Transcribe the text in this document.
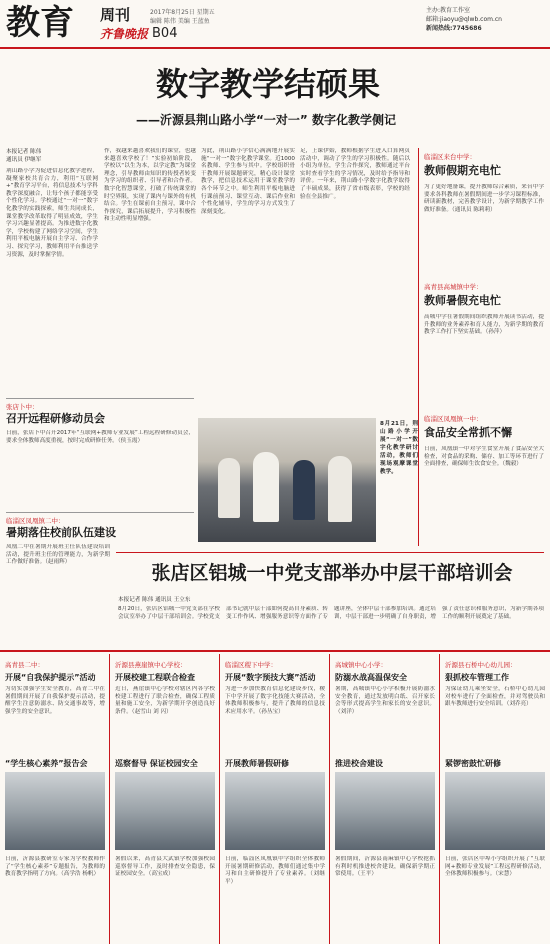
教育 周刊
齐鲁晚报 B04
2017年8月25日 星期五
编辑 陈伟 美编 王蓝鱼
主办:教育工作室
邮箱:jiaoyu@qlwb.com.cn
新闻热线:7745686
数字教学结硕果
——沂源县荆山路小学“一对一” 数字化教学侧记
本报记者 陈伟
通讯员 伊继军
荆山路小学为促进信息化教学进程，凝聚家校共育合力，利用“互联网+”教育学习平台，将信息技术与学科教学深度融合，让每个孩子都能享受个性化学习。学校通过“一对一”数字化教学的实践探索，师生共同成长，课堂教学改革取得了明显成效，学生学习兴趣显著提高。为推进数字化教学，学校构建了网络学习空间，学生利用平板电脑开展自主学习、合作学习、探究学习，教师利用平台推送学习资源，及时掌握学情。
作，我越来越喜欢我们的课堂，也越来越喜欢学校了！”实验初始阶段，学校以“以生为本，以学定教”为课堂理念，引导教师由知识的传授者转变为学习的组织者、引导者和合作者。数字化智慧课堂，打破了传统课堂的时空界限，实现了课内与课外的有机结合。学生在课前自主预习，课中合作探究，课后拓展提升，学习积极性和主动性明显增强。
为此，荆山路小学信心满满地开展实施“一对一”数字化教学课堂。近1000名教师、学生参与其中。学校组织骨干教师开展课题研究，精心设计课堂教学，把信息技术运用于课堂教学的各个环节之中。师生利用平板电脑进行课前预习、课堂互动、课后作业和个性化辅导，学生的学习方式发生了深刻变化。
足，上课伊始，教师根据学生进入口算网页活动中，调动了学生的学习积极性。随后以小组为单位，学生合作探究，教师通过平台实时查看学生的学习情况，及时给予指导和评价。一年来，荆山路小学数字化教学取得了丰硕成果，获得了省市级表彰，学校的经验在全县推广。
8月21日，荆山路小学开展“一对一”数字化教学研讨活动，教师们现场观摩课堂教学。
张店卜中：
召开远程研修动员会
日前，张店卜中召开2017年“互联网+教师专业发展”工程远程研修动员会，要求全体教师高度重视，按时完成研修任务。（侯玉霞）
临淄区凤凰镇二中：
暑期落住校前队伍建设
凤凰二中在暑期开展班主任队伍建设培训活动，提升班主任的管理能力，为新学期工作做好准备。（赵雨辉）
临淄区来台中学：
教师假期充电忙
为了更好地备课，提升教师综合素质，来台中学要求各科教师在暑假期间进一步学习课程标准，研读新教材，完善教学设计，为新学期教学工作做好准备。（通讯员 陈莉莉）
高青县高城镇中学：
教师暑假充电忙
高城中学在暑假期间组织教师开展读书活动，提升教师的业务素养和育人能力，为新学期的教育教学工作打下坚实基础。（孙萍）
临淄区凤凰镇一中：
食品安全常抓不懈
日前，凤凰镇一中对学生食堂开展了食品安全大检查，对食品的采购、储存、加工等环节进行了全面排查，确保师生饮食安全。（魏毅）
张店区铝城一中党支部举办中层干部培训会
本报记者 陈伟 通讯员 王立东
8月20日，张店区铝城一中党支部在学校会议室举办了中层干部培训会。学校党支部书记就中层干部如何提高自身素质、转变工作作风、增强服务意识等方面作了专题讲座，全体中层干部参加培训。通过培训，中层干部进一步明确了自身职责，增强了责任意识和服务意识，为新学期各项工作的顺利开展奠定了基础。
高青县二中：
开展“自我保护提示”活动
为切实加强学生安全教育，高青二中在暑假期间开展了自我保护提示活动，提醒学生注意防溺水、防交通事故等，增强学生的安全意识。
“学生核心素养”报告会
日前，沂源县教研室专家为学校教师作了“学生核心素养”专题报告，为教师的教育教学指明了方向。（高学浩 杨帆）
沂源县燕崖镇中心学校：
开展校建工程联合检查
近日，燕崖镇中心学校对辖区内各学校校建工程进行了联合检查，确保工程质量和施工安全，为新学期开学创造良好条件。（赵雪山 刘 闪）
巡察督导 保证校园安全
暑假以来，高青县大武镇学校加强校园巡察督导工作，及时排查安全隐患，保证校园安全。（高宝成）
临淄区稷下中学：
开展“数字预技大赛”活动
为进一步加快教育信息化建设步伐，稷下中学开展了数字化技能大赛活动，全体教师积极参与，提升了教师的信息技术应用水平。（孙丛宝）
开展教师暑假研修
日前，临淄区凤凰镇中学组织全体教师开展暑期研修活动，教师们通过集中学习和自主研修提升了专业素养。（刘继平）
高城镇中心小学：
防溺水战高温保安全
暑期，高城镇中心小学积极开展防溺水安全教育，通过发放明白纸、召开家长会等形式提高学生和家长的安全意识。（刘洋）
推进校舍建设
暑假期间，沂源县南麻镇中心学校抢抓有利时机推进校舍建设，确保新学期正常使用。（王平）
沂源县石桥中心幼儿园：
狠抓校车管理工作
为保证幼儿乘坐安全，石桥中心幼儿园对校车进行了全面检查，并对驾驶员和跟车教师进行安全培训。（刘乔亮）
紧锣密鼓忙研修
日前，张店区中埠小学组织开展了“互联网+教师专业发展”工程远程研修活动，全体教师积极参与。（宋慧）
